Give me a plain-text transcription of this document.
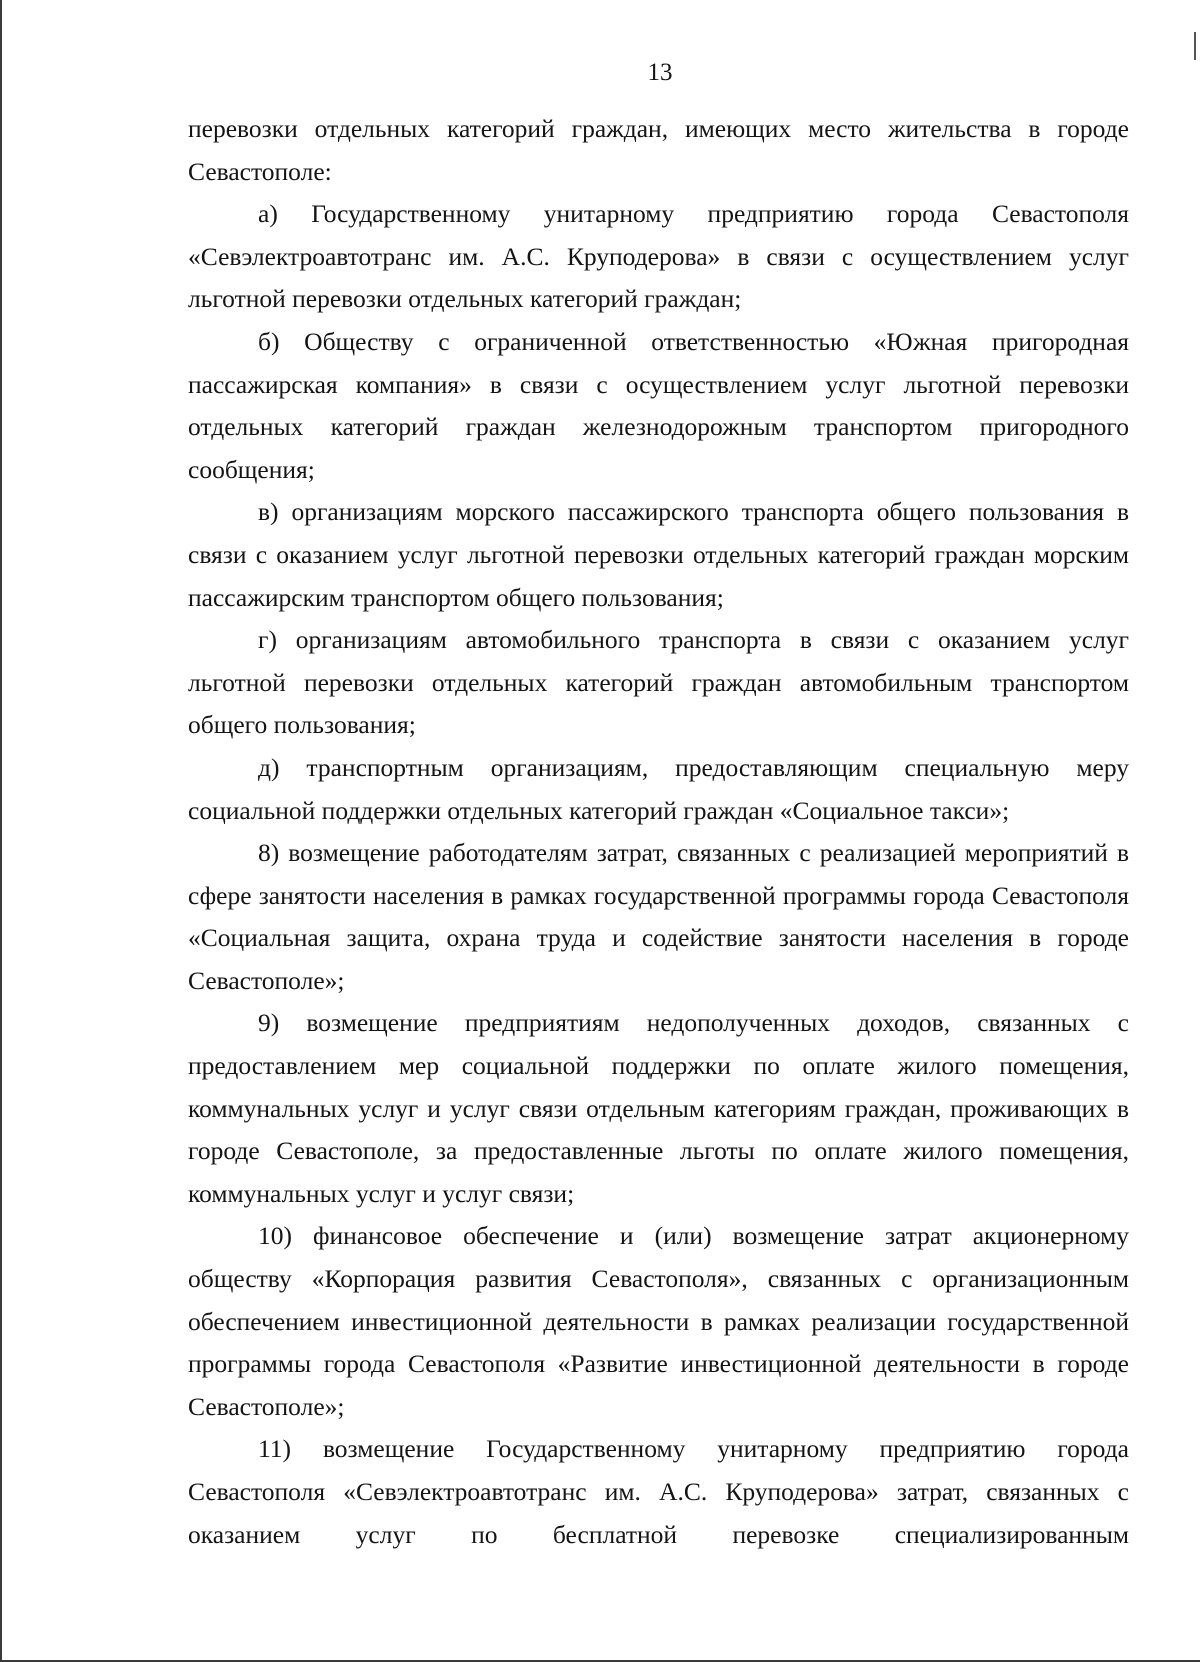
13

перевозки отдельных категорий граждан, имеющих место жительства в городе Севастополе:

а) Государственному унитарному предприятию города Севастополя «Севэлектроавтотранс им. А.С. Круподерова» в связи с осуществлением услуг льготной перевозки отдельных категорий граждан;

б) Обществу с ограниченной ответственностью «Южная пригородная пассажирская компания» в связи с осуществлением услуг льготной перевозки отдельных категорий граждан железнодорожным транспортом пригородного сообщения;

в) организациям морского пассажирского транспорта общего пользования в связи с оказанием услуг льготной перевозки отдельных категорий граждан морским пассажирским транспортом общего пользования;

г) организациям автомобильного транспорта в связи с оказанием услуг льготной перевозки отдельных категорий граждан автомобильным транспортом общего пользования;

д) транспортным организациям, предоставляющим специальную меру социальной поддержки отдельных категорий граждан «Социальное такси»;

8) возмещение работодателям затрат, связанных с реализацией мероприятий в сфере занятости населения в рамках государственной программы города Севастополя «Социальная защита, охрана труда и содействие занятости населения в городе Севастополе»;

9) возмещение предприятиям недополученных доходов, связанных с предоставлением мер социальной поддержки по оплате жилого помещения, коммунальных услуг и услуг связи отдельным категориям граждан, проживающих в городе Севастополе, за предоставленные льготы по оплате жилого помещения, коммунальных услуг и услуг связи;

10) финансовое обеспечение и (или) возмещение затрат акционерному обществу «Корпорация развития Севастополя», связанных с организационным обеспечением инвестиционной деятельности в рамках реализации государственной программы города Севастополя «Развитие инвестиционной деятельности в городе Севастополе»;

11) возмещение Государственному унитарному предприятию города Севастополя «Севэлектроавтотранс им. А.С. Круподерова» затрат, связанных с оказанием услуг по бесплатной перевозке специализированным
